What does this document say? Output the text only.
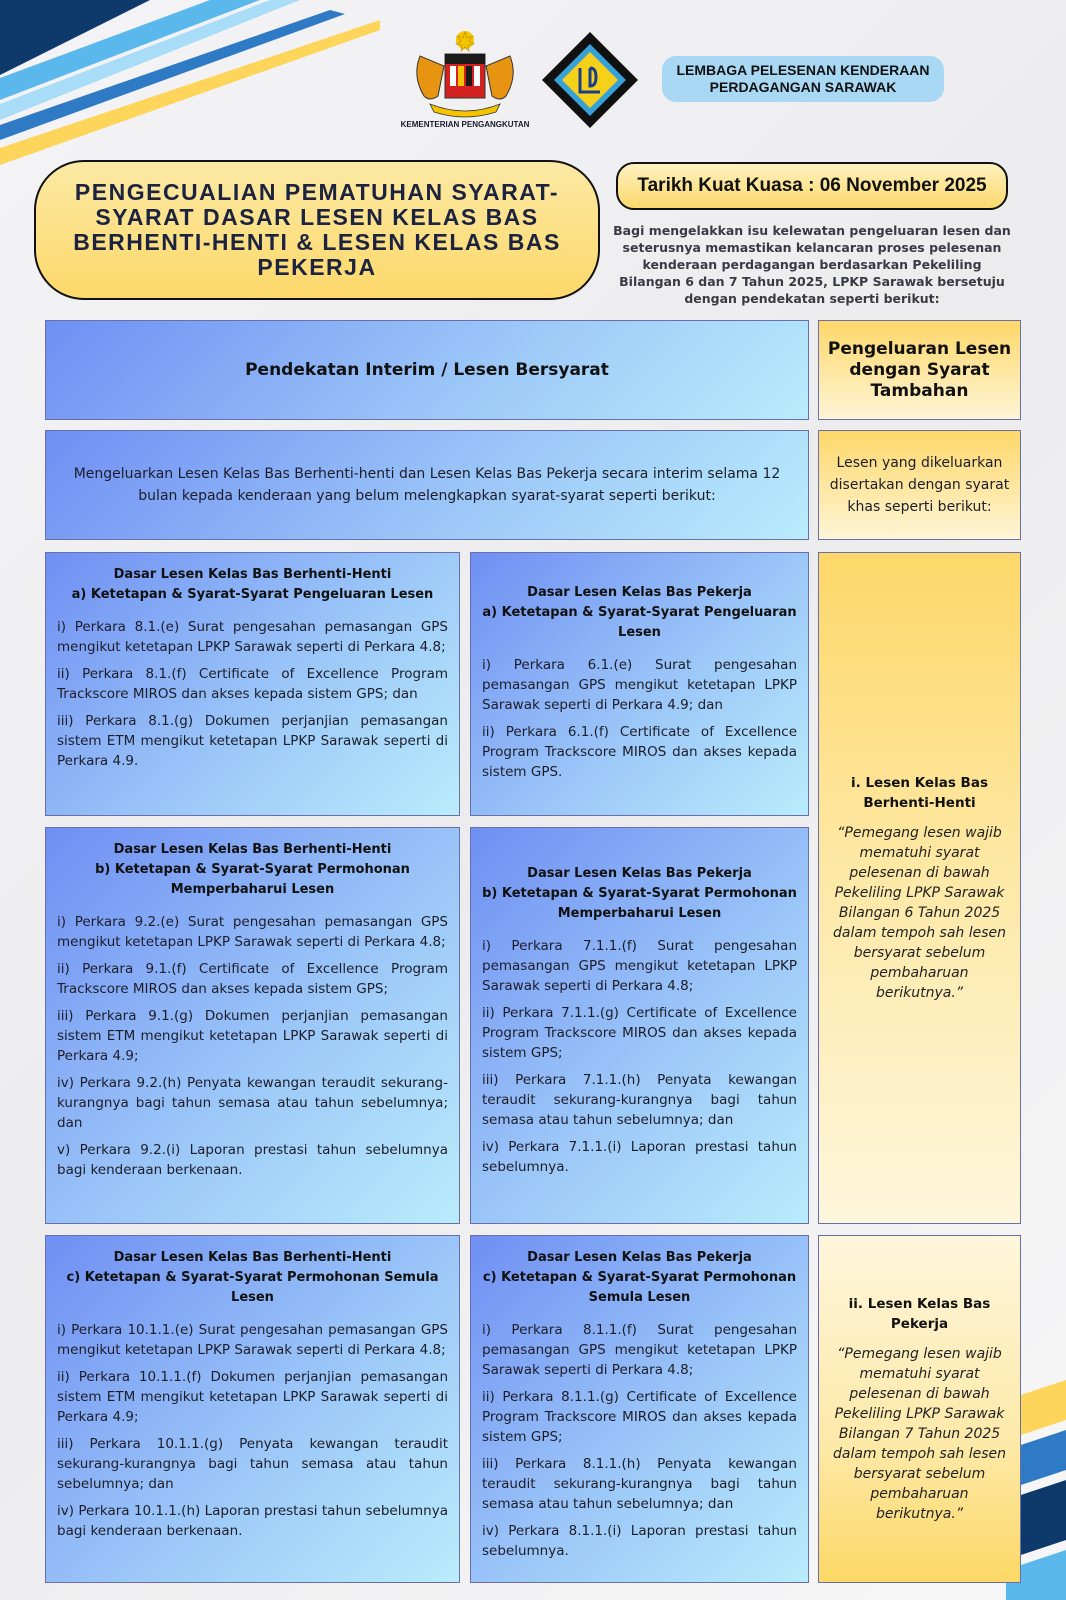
KEMENTERIAN PENGANGKUTAN
LEMBAGA PELESENAN KENDERAAN PERDAGANGAN SARAWAK
PENGECUALIAN PEMATUHAN SYARAT-SYARAT DASAR LESEN KELAS BAS BERHENTI-HENTI & LESEN KELAS BAS PEKERJA
Tarikh Kuat Kuasa : 06 November 2025
Bagi mengelakkan isu kelewatan pengeluaran lesen dan seterusnya memastikan kelancaran proses pelesenan kenderaan perdagangan berdasarkan Pekeliling Bilangan 6 dan 7 Tahun 2025, LPKP Sarawak bersetuju dengan pendekatan seperti berikut:
Pendekatan Interim / Lesen Bersyarat
Pengeluaran Lesen dengan Syarat Tambahan
Mengeluarkan Lesen Kelas Bas Berhenti-henti dan Lesen Kelas Bas Pekerja secara interim selama 12 bulan kepada kenderaan yang belum melengkapkan syarat-syarat seperti berikut:
Lesen yang dikeluarkan disertakan dengan syarat khas seperti berikut:
Dasar Lesen Kelas Bas Berhenti-Henti
a) Ketetapan & Syarat-Syarat Pengeluaran Lesen
i) Perkara 8.1.(e) Surat pengesahan pemasangan GPS mengikut ketetapan LPKP Sarawak seperti di Perkara 4.8;
ii) Perkara 8.1.(f) Certificate of Excellence Program Trackscore MIROS dan akses kepada sistem GPS; dan
iii) Perkara 8.1.(g) Dokumen perjanjian pemasangan sistem ETM mengikut ketetapan LPKP Sarawak seperti di Perkara 4.9.
Dasar Lesen Kelas Bas Pekerja
a) Ketetapan & Syarat-Syarat Pengeluaran Lesen
i) Perkara 6.1.(e) Surat pengesahan pemasangan GPS mengikut ketetapan LPKP Sarawak seperti di Perkara 4.9; dan
ii) Perkara 6.1.(f) Certificate of Excellence Program Trackscore MIROS dan akses kepada sistem GPS.
Dasar Lesen Kelas Bas Berhenti-Henti
b) Ketetapan & Syarat-Syarat Permohonan Memperbaharui Lesen
i) Perkara 9.2.(e) Surat pengesahan pemasangan GPS mengikut ketetapan LPKP Sarawak seperti di Perkara 4.8;
ii) Perkara 9.1.(f) Certificate of Excellence Program Trackscore MIROS dan akses kepada sistem GPS;
iii) Perkara 9.1.(g) Dokumen perjanjian pemasangan sistem ETM mengikut ketetapan LPKP Sarawak seperti di Perkara 4.9;
iv) Perkara 9.2.(h) Penyata kewangan teraudit sekurang-kurangnya bagi tahun semasa atau tahun sebelumnya; dan
v) Perkara 9.2.(i) Laporan prestasi tahun sebelumnya bagi kenderaan berkenaan.
Dasar Lesen Kelas Bas Pekerja
b) Ketetapan & Syarat-Syarat Permohonan Memperbaharui Lesen
i) Perkara 7.1.1.(f) Surat pengesahan pemasangan GPS mengikut ketetapan LPKP Sarawak seperti di Perkara 4.8;
ii) Perkara 7.1.1.(g) Certificate of Excellence Program Trackscore MIROS dan akses kepada sistem GPS;
iii) Perkara 7.1.1.(h) Penyata kewangan teraudit sekurang-kurangnya bagi tahun semasa atau tahun sebelumnya; dan
iv) Perkara 7.1.1.(i) Laporan prestasi tahun sebelumnya.
Dasar Lesen Kelas Bas Berhenti-Henti
c) Ketetapan & Syarat-Syarat Permohonan Semula Lesen
i) Perkara 10.1.1.(e) Surat pengesahan pemasangan GPS mengikut ketetapan LPKP Sarawak seperti di Perkara 4.8;
ii) Perkara 10.1.1.(f) Dokumen perjanjian pemasangan sistem ETM mengikut ketetapan LPKP Sarawak seperti di Perkara 4.9;
iii) Perkara 10.1.1.(g) Penyata kewangan teraudit sekurang-kurangnya bagi tahun semasa atau tahun sebelumnya; dan
iv) Perkara 10.1.1.(h) Laporan prestasi tahun sebelumnya bagi kenderaan berkenaan.
Dasar Lesen Kelas Bas Pekerja
c) Ketetapan & Syarat-Syarat Permohonan Semula Lesen
i) Perkara 8.1.1.(f) Surat pengesahan pemasangan GPS mengikut ketetapan LPKP Sarawak seperti di Perkara 4.8;
ii) Perkara 8.1.1.(g) Certificate of Excellence Program Trackscore MIROS dan akses kepada sistem GPS;
iii) Perkara 8.1.1.(h) Penyata kewangan teraudit sekurang-kurangnya bagi tahun semasa atau tahun sebelumnya; dan
iv) Perkara 8.1.1.(i) Laporan prestasi tahun sebelumnya.
i. Lesen Kelas Bas Berhenti-Henti
“Pemegang lesen wajib mematuhi syarat pelesenan di bawah Pekeliling LPKP Sarawak Bilangan 6 Tahun 2025 dalam tempoh sah lesen bersyarat sebelum pembaharuan berikutnya.”
ii. Lesen Kelas Bas Pekerja
“Pemegang lesen wajib mematuhi syarat pelesenan di bawah Pekeliling LPKP Sarawak Bilangan 7 Tahun 2025 dalam tempoh sah lesen bersyarat sebelum pembaharuan berikutnya.”
